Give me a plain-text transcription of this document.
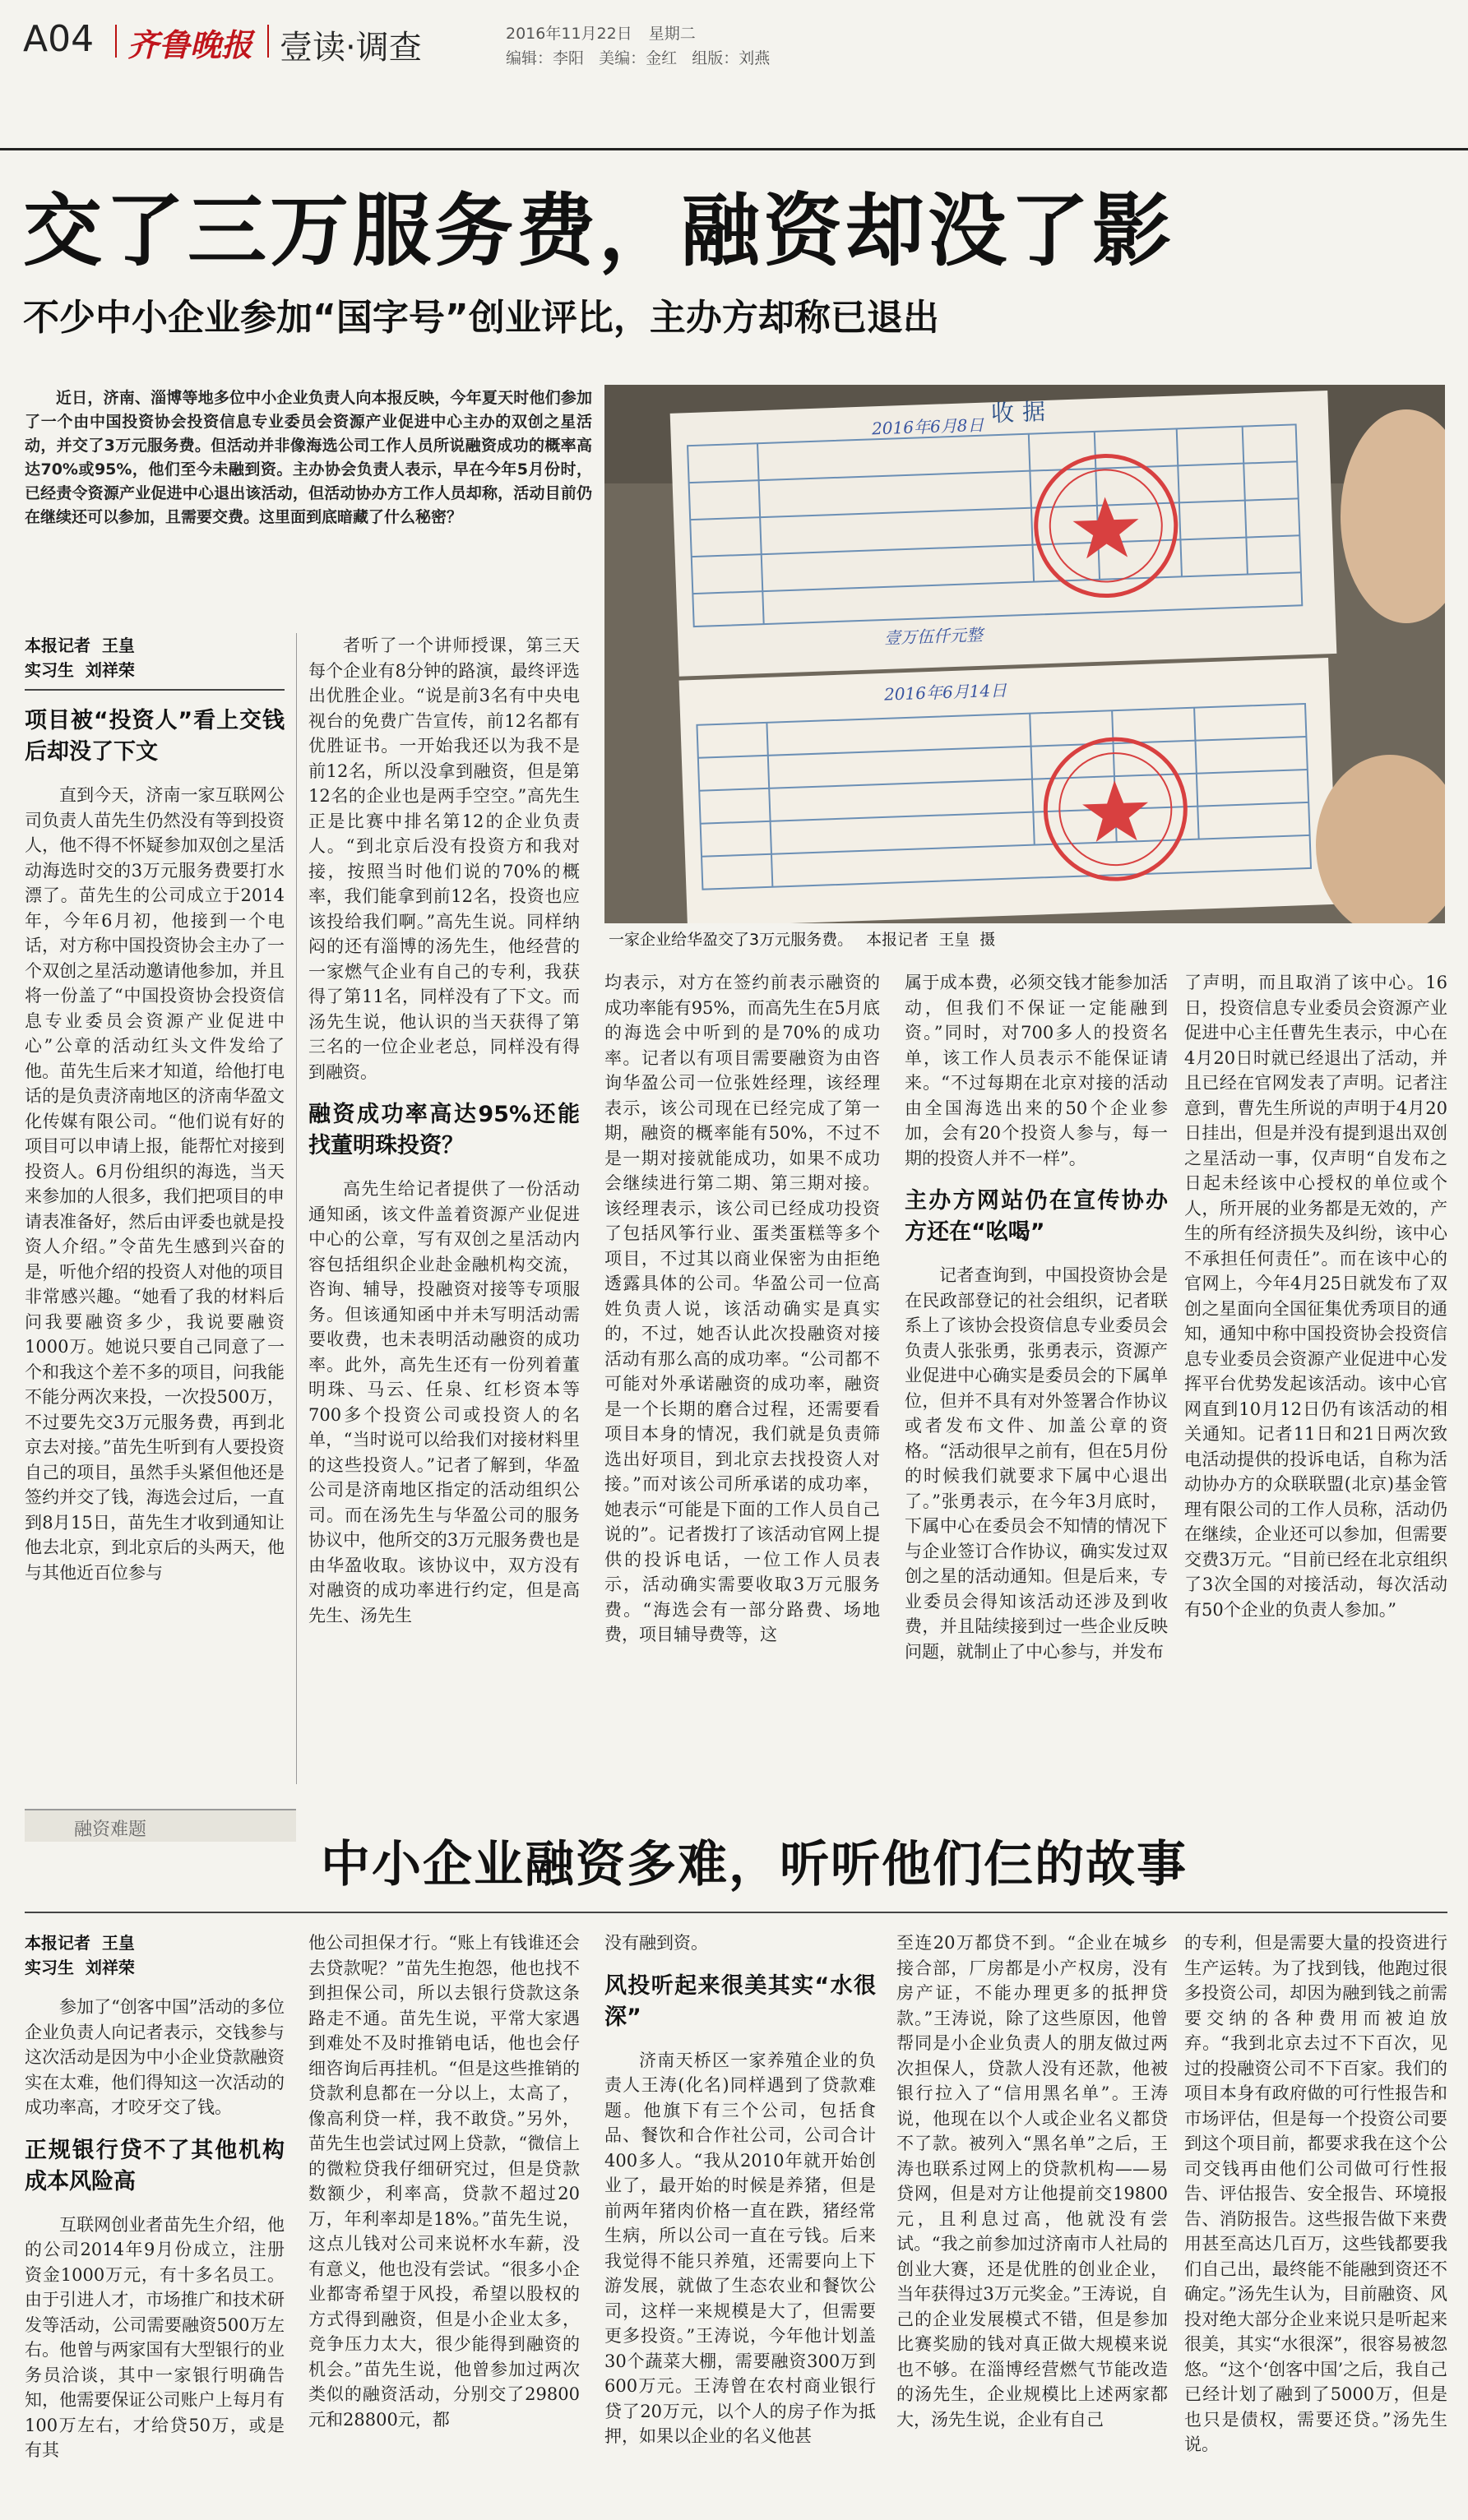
A04 齐鲁晚报 壹读·调查	2016年11月22日 星期二
编辑：李阳   美编：金红   组版：刘燕
交了三万服务费，融资却没了影
不少中小企业参加“国字号”创业评比，主办方却称已退出

近日，济南、淄博等地多位中小企业负责人向本报反映，今年夏天时他们参加了一个由中国投资协会投资信息专业委员会资源产业促进中心主办的双创之星活动，并交了3万元服务费。但活动并非像海选公司工作人员所说融资成功的概率高达70%或95%，他们至今未融到资。主办协会负责人表示，早在今年5月份时，已经责令资源产业促进中心退出该活动，但活动协办方工作人员却称，活动目前仍在继续还可以参加，且需要交费。这里面到底暗藏了什么秘密？

收据
2016年6月8日
壹万伍仟元整
2016年6月14日
一家企业给华盈交了3万元服务费。 本报记者  王皇  摄
本报记者  王皇
实习生  刘祥荣
项目被“投资人”看上交钱后却没了下文

直到今天，济南一家互联网公司负责人苗先生仍然没有等到投资人，他不得不怀疑参加双创之星活动海选时交的3万元服务费要打水漂了。苗先生的公司成立于2014年，今年6月初，他接到一个电话，对方称中国投资协会主办了一个双创之星活动邀请他参加，并且将一份盖了“中国投资协会投资信息专业委员会资源产业促进中心”公章的活动红头文件发给了他。苗先生后来才知道，给他打电话的是负责济南地区的济南华盈文化传媒有限公司。“他们说有好的项目可以申请上报，能帮忙对接到投资人。6月份组织的海选，当天来参加的人很多，我们把项目的申请表准备好，然后由评委也就是投资人介绍。”令苗先生感到兴奋的是，听他介绍的投资人对他的项目非常感兴趣。“她看了我的材料后问我要融资多少，我说要融资1000万。她说只要自己同意了一个和我这个差不多的项目，问我能不能分两次来投，一次投500万，不过要先交3万元服务费，再到北京去对接。”苗先生听到有人要投资自己的项目，虽然手头紧但他还是签约并交了钱，海选会过后，一直到8月15日，苗先生才收到通知让他去北京，到北京后的头两天，他与其他近百位参与

者听了一个讲师授课，第三天每个企业有8分钟的路演，最终评选出优胜企业。“说是前3名有中央电视台的免费广告宣传，前12名都有优胜证书。一开始我还以为我不是前12名，所以没拿到融资，但是第12名的企业也是两手空空。”高先生正是比赛中排名第12的企业负责人。“到北京后没有投资方和我对接，按照当时他们说的70%的概率，我们能拿到前12名，投资也应该投给我们啊。”高先生说。同样纳闷的还有淄博的汤先生，他经营的一家燃气企业有自己的专利，我获得了第11名，同样没有了下文。而汤先生说，他认识的当天获得了第三名的一位企业老总，同样没有得到融资。

融资成功率高达95%还能找董明珠投资？

高先生给记者提供了一份活动通知函，该文件盖着资源产业促进中心的公章，写有双创之星活动内容包括组织企业赴金融机构交流，咨询、辅导，投融资对接等专项服务。但该通知函中并未写明活动需要收费，也未表明活动融资的成功率。此外，高先生还有一份列着董明珠、马云、任泉、红杉资本等700多个投资公司或投资人的名单，“当时说可以给我们对接材料里的这些投资人。”记者了解到，华盈公司是济南地区指定的活动组织公司。而在汤先生与华盈公司的服务协议中，他所交的3万元服务费也是由华盈收取。该协议中，双方没有对融资的成功率进行约定，但是高先生、汤先生

均表示，对方在签约前表示融资的成功率能有95%，而高先生在5月底的海选会中听到的是70%的成功率。记者以有项目需要融资为由咨询华盈公司一位张姓经理，该经理表示，该公司现在已经完成了第一期，融资的概率能有50%，不过不是一期对接就能成功，如果不成功会继续进行第二期、第三期对接。该经理表示，该公司已经成功投资了包括风筝行业、蛋类蛋糕等多个项目，不过其以商业保密为由拒绝透露具体的公司。华盈公司一位高姓负责人说，该活动确实是真实的，不过，她否认此次投融资对接活动有那么高的成功率。“公司都不可能对外承诺融资的成功率，融资是一个长期的磨合过程，还需要看项目本身的情况，我们就是负责筛选出好项目，到北京去找投资人对接。”而对该公司所承诺的成功率，她表示“可能是下面的工作人员自己说的”。记者拨打了该活动官网上提供的投诉电话，一位工作人员表示，活动确实需要收取3万元服务费。“海选会有一部分路费、场地费，项目辅导费等，这

属于成本费，必须交钱才能参加活动，但我们不保证一定能融到资。”同时，对700多人的投资名单，该工作人员表示不能保证请来。“不过每期在北京对接的活动由全国海选出来的50个企业参加，会有20个投资人参与，每一期的投资人并不一样”。

主办方网站仍在宣传协办方还在“吆喝”

记者查询到，中国投资协会是在民政部登记的社会组织，记者联系上了该协会投资信息专业委员会负责人张张勇，张勇表示，资源产业促进中心确实是委员会的下属单位，但并不具有对外签署合作协议或者发布文件、加盖公章的资格。“活动很早之前有，但在5月份的时候我们就要求下属中心退出了。”张勇表示，在今年3月底时，下属中心在委员会不知情的情况下与企业签订合作协议，确实发过双创之星的活动通知。但是后来，专业委员会得知该活动还涉及到收费，并且陆续接到过一些企业反映问题，就制止了中心参与，并发布

了声明，而且取消了该中心。16日，投资信息专业委员会资源产业促进中心主任曹先生表示，中心在4月20日时就已经退出了活动，并且已经在官网发表了声明。记者注意到，曹先生所说的声明于4月20日挂出，但是并没有提到退出双创之星活动一事，仅声明“自发布之日起未经该中心授权的单位或个人，所开展的业务都是无效的，产生的所有经济损失及纠纷，该中心不承担任何责任”。而在该中心的官网上，今年4月25日就发布了双创之星面向全国征集优秀项目的通知，通知中称中国投资协会投资信息专业委员会资源产业促进中心发挥平台优势发起该活动。该中心官网直到10月12日仍有该活动的相关通知。记者11日和21日两次致电活动提供的投诉电话，自称为活动协办方的众联联盟(北京)基金管理有限公司的工作人员称，活动仍在继续，企业还可以参加，但需要交费3万元。“目前已经在北京组织了3次全国的对接活动，每次活动有50个企业的负责人参加。”

融资难题
中小企业融资多难，听听他们仨的故事
本报记者  王皇
实习生  刘祥荣

参加了“创客中国”活动的多位企业负责人向记者表示，交钱参与这次活动是因为中小企业贷款融资实在太难，他们得知这一次活动的成功率高，才咬牙交了钱。

正规银行贷不了其他机构成本风险高

互联网创业者苗先生介绍，他的公司2014年9月份成立，注册资金1000万元，有十多名员工。由于引进人才，市场推广和技术研发等活动，公司需要融资500万左右。他曾与两家国有大型银行的业务员洽谈，其中一家银行明确告知，他需要保证公司账户上每月有100万左右，才给贷50万，或是有其

他公司担保才行。“账上有钱谁还会去贷款呢？”苗先生抱怨，他也找不到担保公司，所以去银行贷款这条路走不通。苗先生说，平常大家遇到难处不及时推销电话，他也会仔细咨询后再挂机。“但是这些推销的贷款利息都在一分以上，太高了，像高利贷一样，我不敢贷。”另外，苗先生也尝试过网上贷款，“微信上的微粒贷我仔细研究过，但是贷款数额少，利率高，贷款不超过20万，年利率却是18%。”苗先生说，这点儿钱对公司来说杯水车薪，没有意义，他也没有尝试。“很多小企业都寄希望于风投，希望以股权的方式得到融资，但是小企业太多，竞争压力太大，很少能得到融资的机会。”苗先生说，他曾参加过两次类似的融资活动，分别交了29800元和28800元，都

没有融到资。

风投听起来很美其实“水很深”

济南天桥区一家养殖企业的负责人王涛(化名)同样遇到了贷款难题。他旗下有三个公司，包括食品、餐饮和合作社公司，公司合计400多人。“我从2010年就开始创业了，最开始的时候是养猪，但是前两年猪肉价格一直在跌，猪经常生病，所以公司一直在亏钱。后来我觉得不能只养殖，还需要向上下游发展，就做了生态农业和餐饮公司，这样一来规模是大了，但需要更多投资。”王涛说，今年他计划盖30个蔬菜大棚，需要融资300万到600万元。王涛曾在农村商业银行贷了20万元，以个人的房子作为抵押，如果以企业的名义他甚

至连20万都贷不到。“企业在城乡接合部，厂房都是小产权房，没有房产证，不能办理更多的抵押贷款。”王涛说，除了这些原因，他曾帮同是小企业负责人的朋友做过两次担保人，贷款人没有还款，他被银行拉入了“信用黑名单”。王涛说，他现在以个人或企业名义都贷不了款。被列入“黑名单”之后，王涛也联系过网上的贷款机构——易贷网，但是对方让他提前交19800元，且利息过高，他就没有尝试。“我之前参加过济南市人社局的创业大赛，还是优胜的创业企业，当年获得过3万元奖金。”王涛说，自己的企业发展模式不错，但是参加比赛奖励的钱对真正做大规模来说也不够。在淄博经营燃气节能改造的汤先生，企业规模比上述两家都大，汤先生说，企业有自己

的专利，但是需要大量的投资进行生产运转。为了找到钱，他跑过很多投资公司，却因为融到钱之前需要交纳的各种费用而被迫放弃。“我到北京去过不下百次，见过的投融资公司不下百家。我们的项目本身有政府做的可行性报告和市场评估，但是每一个投资公司要到这个项目前，都要求我在这个公司交钱再由他们公司做可行性报告、评估报告、安全报告、环境报告、消防报告。这些报告做下来费用甚至高达几百万，这些钱都要我们自己出，最终能不能融到资还不确定。”汤先生认为，目前融资、风投对绝大部分企业来说只是听起来很美，其实“水很深”，很容易被忽悠。“这个‘创客中国’之后，我自己已经计划了融到了5000万，但是也只是债权，需要还贷。”汤先生说。
